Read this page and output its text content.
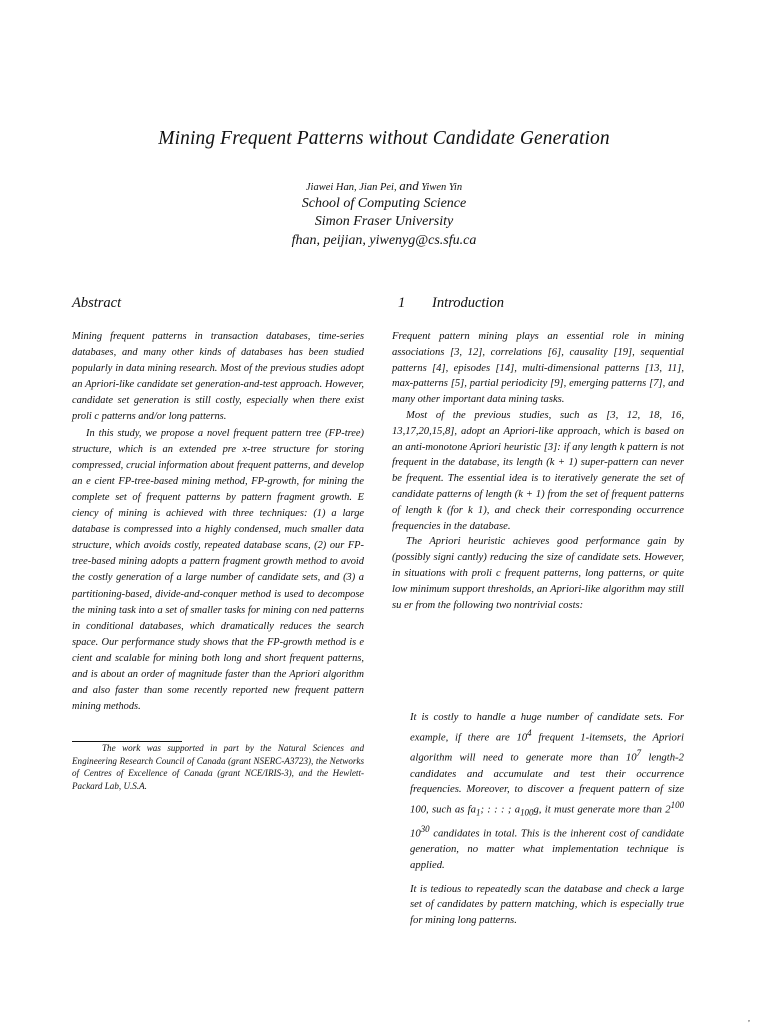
Mining Frequent Patterns without Candidate Generation
Jiawei Han, Jian Pei, and Yiwen Yin
School of Computing Science
Simon Fraser University
fhan, peijian, yiwenyg@cs.sfu.ca
Abstract

Mining frequent patterns in transaction databases, time-series databases, and many other kinds of databases has been studied popularly in data mining research. Most of the previous studies adopt an Apriori-like candidate set generation-and-test approach. However, candidate set generation is still costly, especially when there exist proli c patterns and/or long patterns.

In this study, we propose a novel frequent pattern tree (FP-tree) structure, which is an extended pre x-tree structure for storing compressed, crucial information about frequent patterns, and develop an e cient FP-tree-based mining method, FP-growth, for mining the complete set of frequent patterns by pattern fragment growth. E ciency of mining is achieved with three techniques: (1) a large database is compressed into a highly condensed, much smaller data structure, which avoids costly, repeated database scans, (2) our FP-tree-based mining adopts a pattern fragment growth method to avoid the costly generation of a large number of candidate sets, and (3) a partitioning-based, divide-and-conquer method is used to decompose the mining task into a set of smaller tasks for mining con ned patterns in conditional databases, which dramatically reduces the search space. Our performance study shows that the FP-growth method is e cient and scalable for mining both long and short frequent patterns, and is about an order of magnitude faster than the Apriori algorithm and also faster than some recently reported new frequent pattern mining methods.

The work was supported in part by the Natural Sciences and Engineering Research Council of Canada (grant NSERC-A3723), the Networks of Centres of Excellence of Canada (grant NCE/IRIS-3), and the Hewlett-Packard Lab, U.S.A.
1 Introduction

Frequent pattern mining plays an essential role in mining associations [3, 12], correlations [6], causality [19], sequential patterns [4], episodes [14], multi-dimensional patterns [13, 11], max-patterns [5], partial periodicity [9], emerging patterns [7], and many other important data mining tasks.

Most of the previous studies, such as [3, 12, 18, 16, 13,17,20,15,8], adopt an Apriori-like approach, which is based on an anti-monotone Apriori heuristic [3]: if any length k pattern is not frequent in the database, its length (k + 1) super-pattern can never be frequent. The essential idea is to iteratively generate the set of candidate patterns of length (k + 1) from the set of frequent patterns of length k (for k 1), and check their corresponding occurrence frequencies in the database.

The Apriori heuristic achieves good performance gain by (possibly signi cantly) reducing the size of candidate sets. However, in situations with proli c frequent patterns, long patterns, or quite low minimum support thresholds, an Apriori-like algorithm may still su er from the following two nontrivial costs:

It is costly to handle a huge number of candidate sets. For example, if there are $10^4$ frequent 1-itemsets, the Apriori algorithm will need to generate more than $10^7$ length-2 candidates and accumulate and test their occurrence frequencies. Moreover, to discover a frequent pattern of size 100, such as $fa_1$; : : : ; $a_{100}g$, it must generate more than $2^{100}$ $10^{30}$ candidates in total. This is the inherent cost of candidate generation, no matter what implementation technique is applied.

It is tedious to repeatedly scan the database and check a large set of candidates by pattern matching, which is especially true for mining long patterns.

,
